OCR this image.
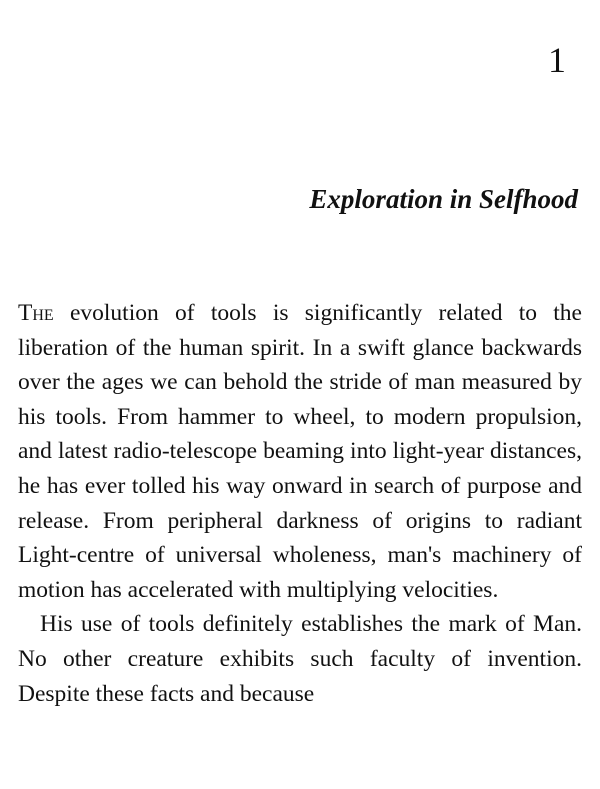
1
Exploration in Selfhood

The evolution of tools is significantly related to the liberation of the human spirit. In a swift glance backwards over the ages we can behold the stride of man measured by his tools. From hammer to wheel, to modern propulsion, and latest radio-telescope beaming into light-year distances, he has ever tolled his way onward in search of purpose and release. From peripheral darkness of origins to radiant Light-centre of universal wholeness, man's machinery of motion has accelerated with multiplying velocities.

His use of tools definitely establishes the mark of Man. No other creature exhibits such faculty of invention. Despite these facts and because
